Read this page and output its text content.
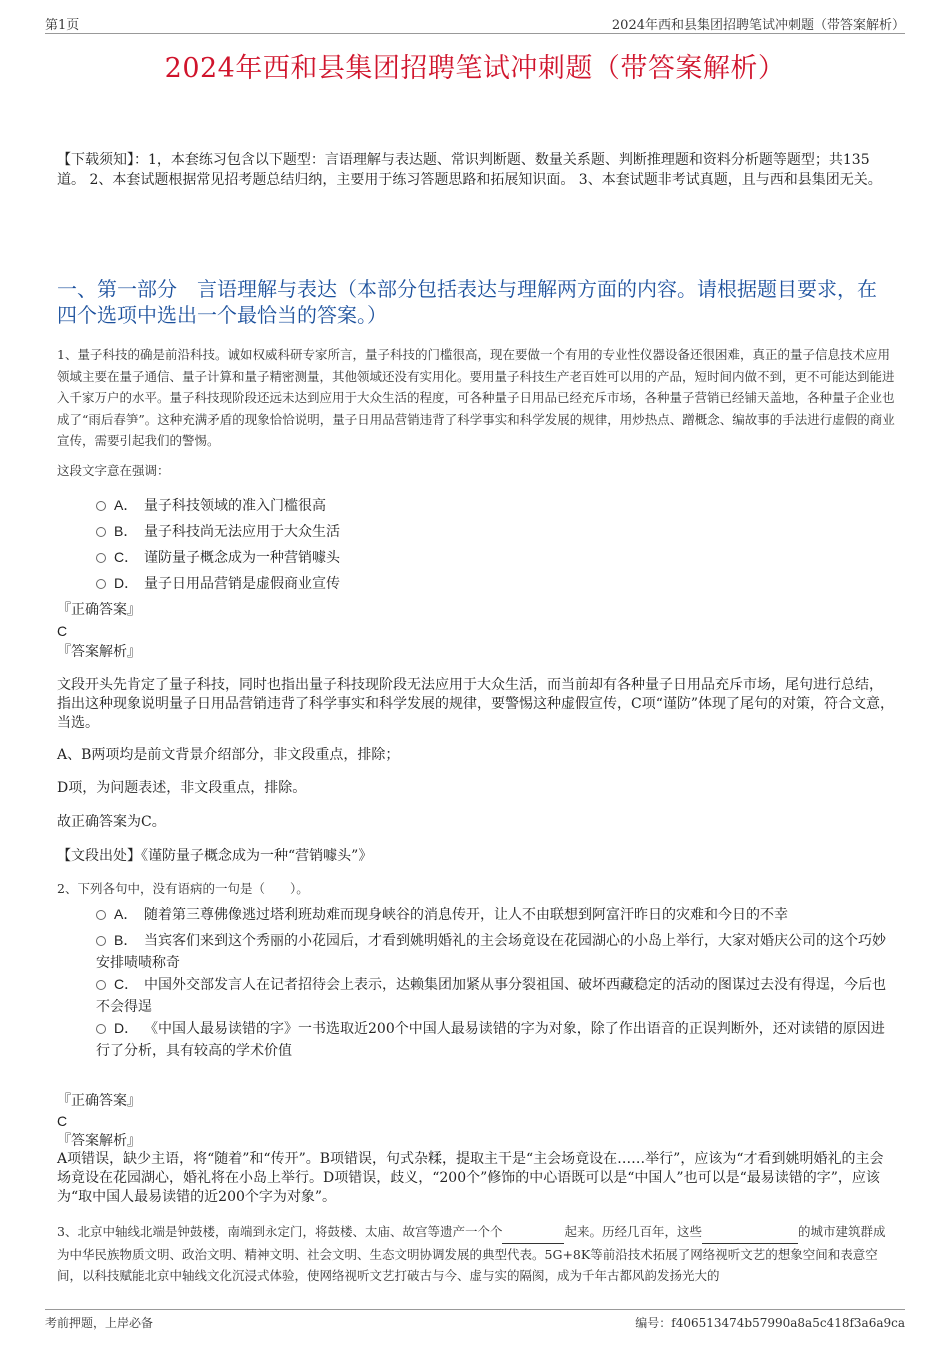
第1页	2024年西和县集团招聘笔试冲刺题（带答案解析）
2024年西和县集团招聘笔试冲刺题（带答案解析）
【下载须知】：1，本套练习包含以下题型：言语理解与表达题、常识判断题、数量关系题、判断推理题和资料分析题等题型；共135道。 2、本套试题根据常见招考题总结归纳，主要用于练习答题思路和拓展知识面。 3、本套试题非考试真题，且与西和县集团无关。
一、第一部分　言语理解与表达（本部分包括表达与理解两方面的内容。请根据题目要求，在四个选项中选出一个最恰当的答案。）
1、量子科技的确是前沿科技。诚如权威科研专家所言，量子科技的门槛很高，现在要做一个有用的专业性仪器设备还很困难，真正的量子信息技术应用领域主要在量子通信、量子计算和量子精密测量，其他领域还没有实用化。要用量子科技生产老百姓可以用的产品，短时间内做不到，更不可能达到能进入千家万户的水平。量子科技现阶段还远未达到应用于大众生活的程度，可各种量子日用品已经充斥市场，各种量子营销已经铺天盖地，各种量子企业也成了“雨后春笋”。这种充满矛盾的现象恰恰说明，量子日用品营销违背了科学事实和科学发展的规律，用炒热点、蹭概念、编故事的手法进行虚假的商业宣传，需要引起我们的警惕。
这段文字意在强调：
A． 量子科技领域的准入门槛很高
B． 量子科技尚无法应用于大众生活
C． 谨防量子概念成为一种营销噱头
D． 量子日用品营销是虚假商业宣传
『正确答案』
C
『答案解析』
文段开头先肯定了量子科技，同时也指出量子科技现阶段无法应用于大众生活，而当前却有各种量子日用品充斥市场，尾句进行总结，指出这种现象说明量子日用品营销违背了科学事实和科学发展的规律，要警惕这种虚假宣传，C项“谨防”体现了尾句的对策，符合文意，当选。
A、B两项均是前文背景介绍部分，非文段重点，排除；
D项，为问题表述，非文段重点，排除。
故正确答案为C。
【文段出处】《谨防量子概念成为一种“营销噱头”》
2、下列各句中，没有语病的一句是（　　）。
A． 随着第三尊佛像逃过塔利班劫难而现身峡谷的消息传开，让人不由联想到阿富汗昨日的灾难和今日的不幸
B． 当宾客们来到这个秀丽的小花园后，才看到姚明婚礼的主会场竟设在花园湖心的小岛上举行，大家对婚庆公司的这个巧妙安排啧啧称奇
C． 中国外交部发言人在记者招待会上表示，达赖集团加紧从事分裂祖国、破坏西藏稳定的活动的图谋过去没有得逞，今后也不会得逞
D． 《中国人最易读错的字》一书选取近200个中国人最易读错的字为对象，除了作出语音的正误判断外，还对读错的原因进行了分析，具有较高的学术价值
『正确答案』
C
『答案解析』
A项错误，缺少主语，将“随着”和“传开”。B项错误，句式杂糅，提取主干是“主会场竟设在……举行”，应该为“才看到姚明婚礼的主会场竟设在花园湖心，婚礼将在小岛上举行。D项错误，歧义，“200个”修饰的中心语既可以是“中国人”也可以是“最易读错的字”，应该为“取中国人最易读错的近200个字为对象”。
3、北京中轴线北端是钟鼓楼，南端到永定门，将鼓楼、太庙、故宫等遗产一个个	起来。历经几百年，这些	的城市建筑群成为中华民族物质文明、政治文明、精神文明、社会文明、生态文明协调发展的典型代表。5G+8K等前沿技术拓展了网络视听文艺的想象空间和表意空间，以科技赋能北京中轴线文化沉浸式体验，使网络视听文艺打破古与今、虚与实的隔阂，成为千年古都风韵发扬光大的
考前押题，上岸必备	编号：f406513474b57990a8a5c418f3a6a9ca
